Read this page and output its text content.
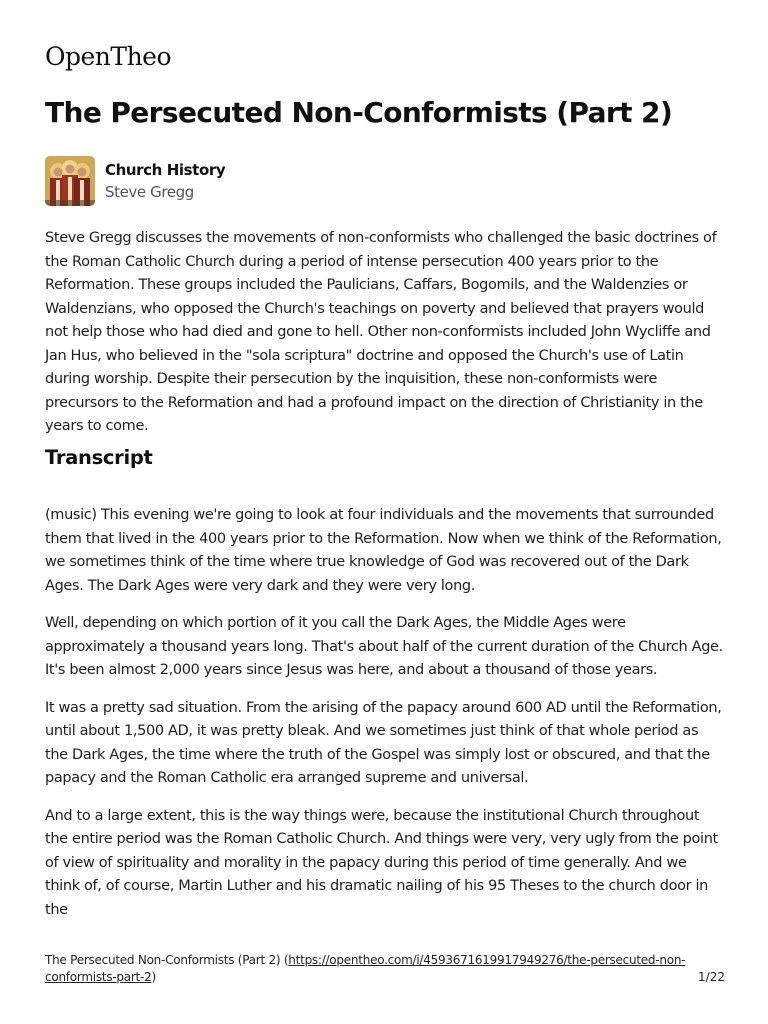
OpenTheo
The Persecuted Non-Conformists (Part 2)
Church History
Steve Gregg

Steve Gregg discusses the movements of non-conformists who challenged the basic doctrines of the Roman Catholic Church during a period of intense persecution 400 years prior to the Reformation. These groups included the Paulicians, Caffars, Bogomils, and the Waldenzies or Waldenzians, who opposed the Church's teachings on poverty and believed that prayers would not help those who had died and gone to hell. Other non-conformists included John Wycliffe and Jan Hus, who believed in the "sola scriptura" doctrine and opposed the Church's use of Latin during worship. Despite their persecution by the inquisition, these non-conformists were precursors to the Reformation and had a profound impact on the direction of Christianity in the years to come.

Transcript

(music) This evening we're going to look at four individuals and the movements that surrounded them that lived in the 400 years prior to the Reformation. Now when we think of the Reformation, we sometimes think of the time where true knowledge of God was recovered out of the Dark Ages. The Dark Ages were very dark and they were very long.

Well, depending on which portion of it you call the Dark Ages, the Middle Ages were approximately a thousand years long. That's about half of the current duration of the Church Age. It's been almost 2,000 years since Jesus was here, and about a thousand of those years.

It was a pretty sad situation. From the arising of the papacy around 600 AD until the Reformation, until about 1,500 AD, it was pretty bleak. And we sometimes just think of that whole period as the Dark Ages, the time where the truth of the Gospel was simply lost or obscured, and that the papacy and the Roman Catholic era arranged supreme and universal.

And to a large extent, this is the way things were, because the institutional Church throughout the entire period was the Roman Catholic Church. And things were very, very ugly from the point of view of spirituality and morality in the papacy during this period of time generally. And we think of, of course, Martin Luther and his dramatic nailing of his 95 Theses to the church door in the

The Persecuted Non-Conformists (Part 2) (https://opentheo.com/i/4593671619917949276/the-persecuted-non-conformists-part-2)	1/22
